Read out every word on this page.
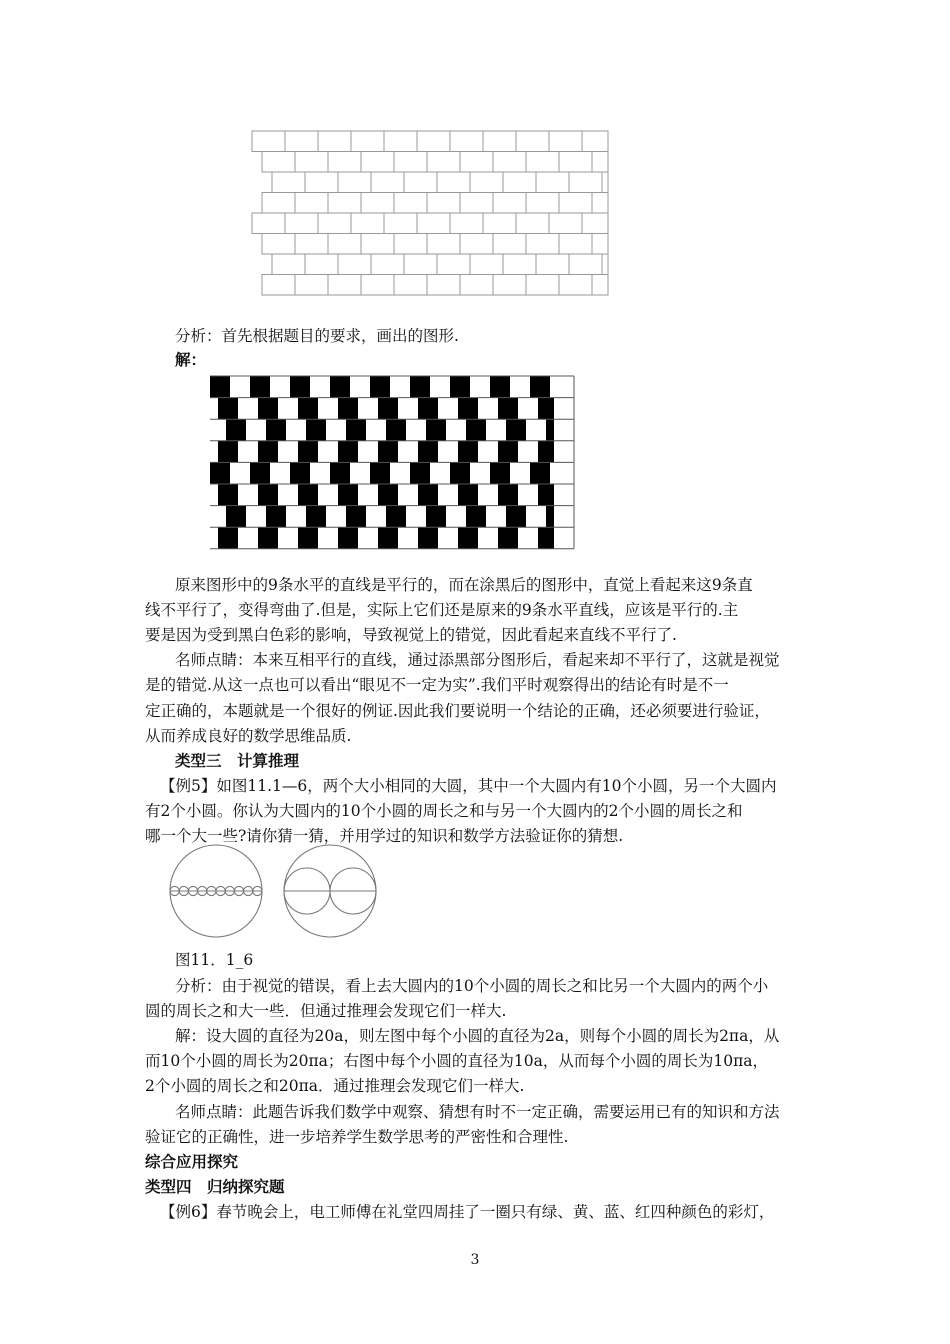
分析：首先根据题目的要求，画出的图形.
解：
原来图形中的9条水平的直线是平行的，而在涂黑后的图形中，直觉上看起来这9条直
线不平行了，变得弯曲了.但是，实际上它们还是原来的9条水平直线，应该是平行的.主
要是因为受到黑白色彩的影响，导致视觉上的错觉，因此看起来直线不平行了.
名师点睛：本来互相平行的直线，通过添黑部分图形后，看起来却不平行了，这就是视觉
是的错觉.从这一点也可以看出“眼见不一定为实”.我们平时观察得出的结论有时是不一
定正确的，本题就是一个很好的例证.因此我们要说明一个结论的正确，还必须要进行验证，
从而养成良好的数学思维品质.
类型三　计算推理
【例5】如图11.1—6，两个大小相同的大圆，其中一个大圆内有10个小圆，另一个大圆内
有2个小圆。你认为大圆内的10个小圆的周长之和与另一个大圆内的2个小圆的周长之和
哪一个大一些?请你猜一猜，并用学过的知识和数学方法验证你的猜想.
图11．1_6
分析：由于视觉的错误，看上去大圆内的10个小圆的周长之和比另一个大圆内的两个小
圆的周长之和大一些．但通过推理会发现它们一样大.
解：设大圆的直径为20a，则左图中每个小圆的直径为2a，则每个小圆的周长为2πa，从
而10个小圆的周长为20πa；右图中每个小圆的直径为10a，从而每个小圆的周长为10πa，
2个小圆的周长之和20πa．通过推理会发现它们一样大.
名师点睛：此题告诉我们数学中观察、猜想有时不一定正确，需要运用已有的知识和方法
验证它的正确性，进一步培养学生数学思考的严密性和合理性.
综合应用探究
类型四　归纳探究题
【例6】春节晚会上，电工师傅在礼堂四周挂了一圈只有绿、黄、蓝、红四种颜色的彩灯，
3
